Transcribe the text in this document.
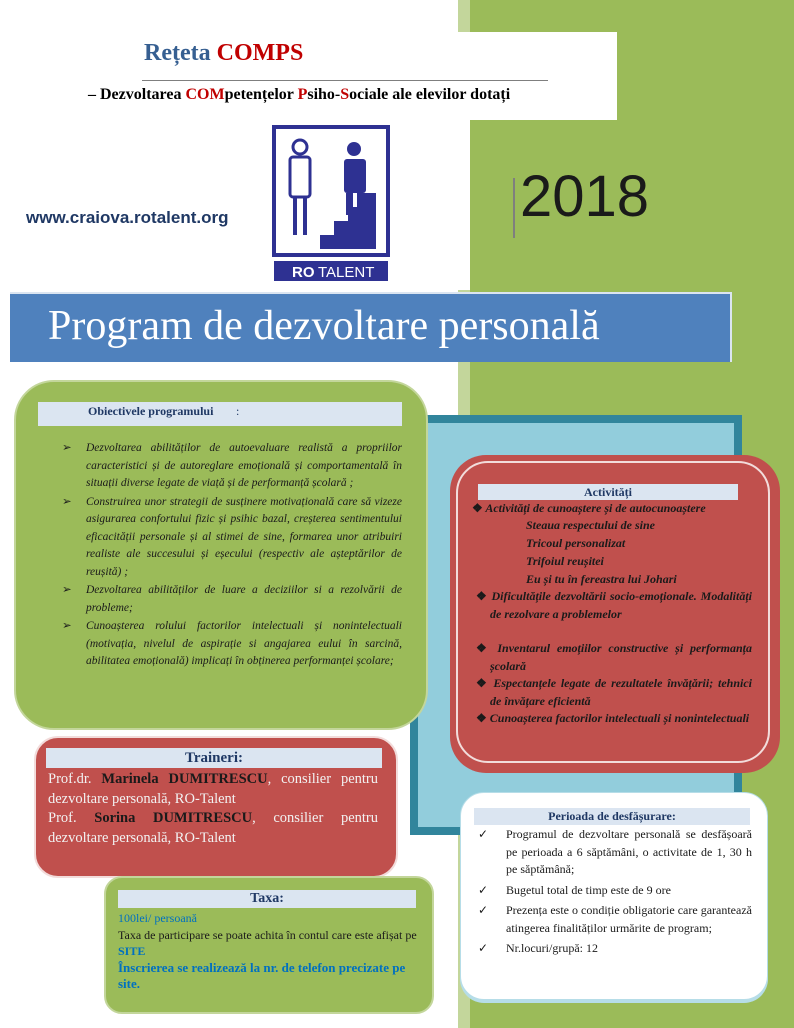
Rețeta COMPS
– Dezvoltarea COMpetențelor Psiho-Sociale ale elevilor dotați
RO TALENT
www.craiova.rotalent.org	2018
Program de dezvoltare personală
Obiectivele programului :
➢ Dezvoltarea abilităților de autoevaluare realistă a propriilor caracteristici și de autoreglare emoțională și comportamentală în situații diverse legate de viață și de performanță școlară ;
➢ Construirea unor strategii de susținere motivațională care să vizeze asigurarea confortului fizic și psihic bazal, creșterea sentimentului eficacității personale și al stimei de sine, formarea unor atribuiri realiste ale succesului și eșecului (respectiv ale așteptărilor de reușită) ;
➢ Dezvoltarea abilităților de luare a deciziilor si a rezolvării de probleme;
➢ Cunoașterea rolului factorilor intelectuali și nonintelectuali (motivația, nivelul de aspirație si angajarea eului în sarcină, abilitatea emoțională) implicați în obținerea performanței școlare;
Activități
❖ Activități de cunoaștere și de autocunoaștere
Steaua respectului de sine
Tricoul personalizat
Trifoiul reușitei
Eu și tu în fereastra lui Johari
❖ Dificultățile dezvoltării socio-emoționale. Modalități de rezolvare a problemelor
❖ Inventarul emoțiilor constructive și performanța școlară
❖ Espectanțele legate de rezultatele învățării; tehnici de învățare eficientă
❖ Cunoașterea factorilor intelectuali și nonintelectuali
Traineri:
Prof.dr. Marinela DUMITRESCU, consilier pentru dezvoltare personală, RO-Talent
Prof. Sorina DUMITRESCU, consilier pentru dezvoltare personală, RO-Talent
Taxa:
100lei/ persoană
Taxa de participare se poate achita în contul care este afișat pe SITE
Înscrierea se realizează la nr. de telefon precizate pe site.
Perioada de desfășurare:
✓ Programul de dezvoltare personală se desfășoară pe perioada a 6 săptămâni, o activitate de 1, 30 h pe săptămână;
✓ Bugetul total de timp este de 9 ore
✓ Prezența este o condiție obligatorie care garantează atingerea finalităților urmărite de program;
✓ Nr.locuri/grupă: 12
